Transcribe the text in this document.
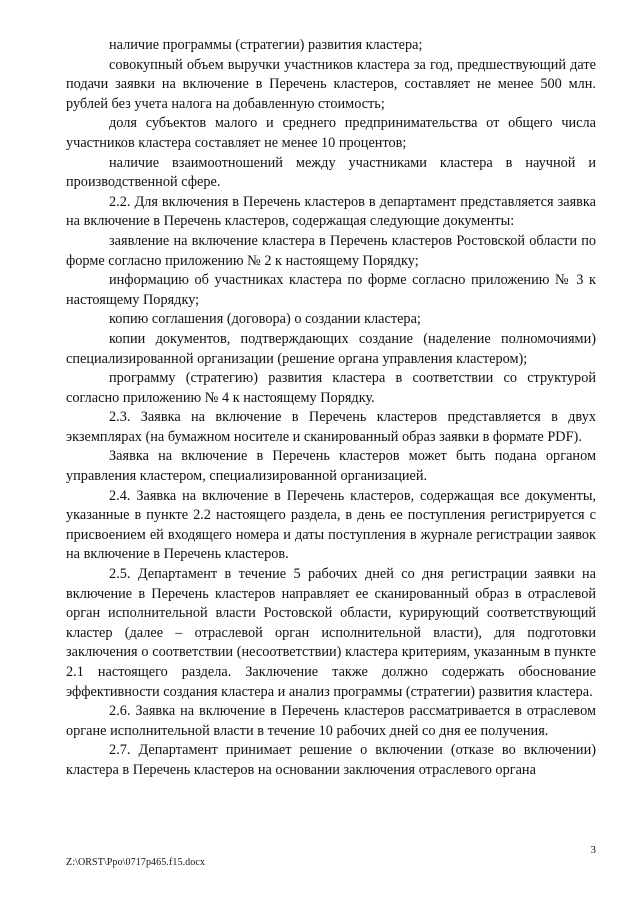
наличие программы (стратегии) развития кластера;

совокупный объем выручки участников кластера за год, предшествующий дате подачи заявки на включение в Перечень кластеров, составляет не менее 500 млн. рублей без учета налога на добавленную стоимость;

доля субъектов малого и среднего предпринимательства от общего числа участников кластера составляет не менее 10 процентов;

наличие взаимоотношений между участниками кластера в научной и производственной сфере.

2.2. Для включения в Перечень кластеров в департамент представляется заявка на включение в Перечень кластеров, содержащая следующие документы:

заявление на включение кластера в Перечень кластеров Ростовской области по форме согласно приложению № 2 к настоящему Порядку;

информацию об участниках кластера по форме согласно приложению № 3 к настоящему Порядку;

копию соглашения (договора) о создании кластера;

копии документов, подтверждающих создание (наделение полномочиями) специализированной организации (решение органа управления кластером);

программу (стратегию) развития кластера в соответствии со структурой согласно приложению № 4 к настоящему Порядку.

2.3. Заявка на включение в Перечень кластеров представляется в двух экземплярах (на бумажном носителе и сканированный образ заявки в формате PDF).

Заявка на включение в Перечень кластеров может быть подана органом управления кластером, специализированной организацией.

2.4. Заявка на включение в Перечень кластеров, содержащая все документы, указанные в пункте 2.2 настоящего раздела, в день ее поступления регистрируется с присвоением ей входящего номера и даты поступления в журнале регистрации заявок на включение в Перечень кластеров.

2.5. Департамент в течение 5 рабочих дней со дня регистрации заявки на включение в Перечень кластеров направляет ее сканированный образ в отраслевой орган исполнительной власти Ростовской области, курирующий соответствующий кластер (далее – отраслевой орган исполнительной власти), для подготовки заключения о соответствии (несоответствии) кластера критериям, указанным в пункте 2.1 настоящего раздела. Заключение также должно содержать обоснование эффективности создания кластера и анализ программы (стратегии) развития кластера.

2.6. Заявка на включение в Перечень кластеров рассматривается в отраслевом органе исполнительной власти в течение 10 рабочих дней со дня ее получения.

2.7. Департамент принимает решение о включении (отказе во включении) кластера в Перечень кластеров на основании заключения отраслевого органа

3
Z:\ORST\Ppo\0717p465.f15.docx
